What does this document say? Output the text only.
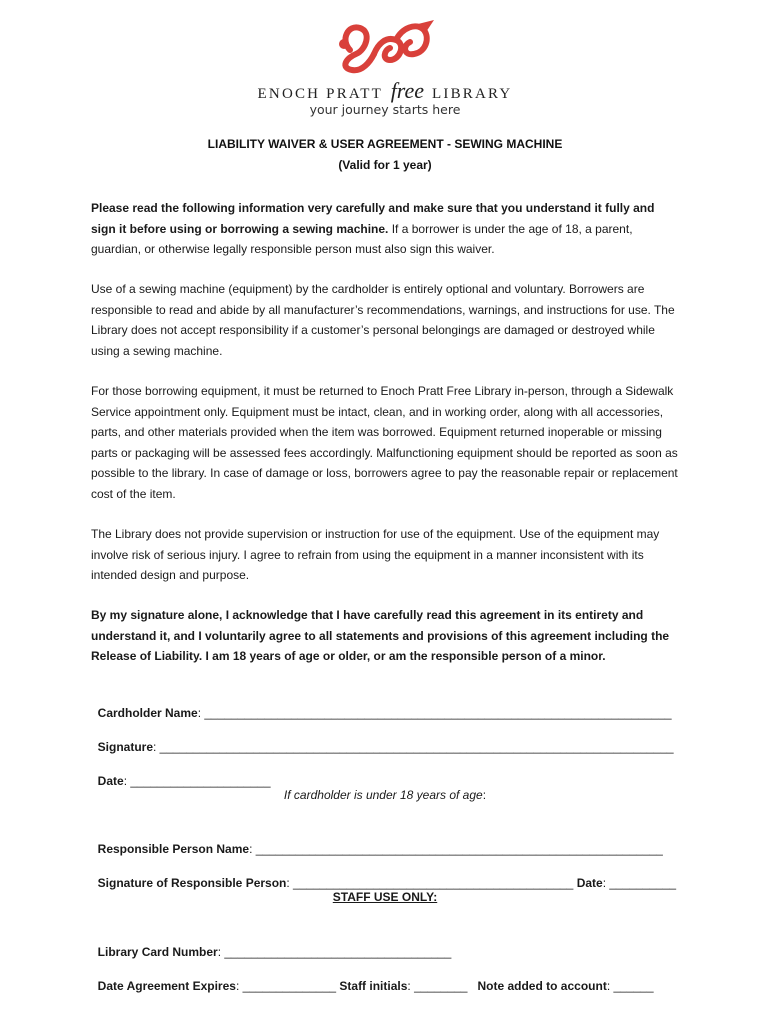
ENOCH PRATT free LIBRARY
your journey starts here
LIABILITY WAIVER & USER AGREEMENT - SEWING MACHINE
(Valid for 1 year)
Please read the following information very carefully and make sure that you understand it fully and sign it before using or borrowing a sewing machine. If a borrower is under the age of 18, a parent, guardian, or otherwise legally responsible person must also sign this waiver.
Use of a sewing machine (equipment) by the cardholder is entirely optional and voluntary. Borrowers are responsible to read and abide by all manufacturer’s recommendations, warnings, and instructions for use. The Library does not accept responsibility if a customer’s personal belongings are damaged or destroyed while using a sewing machine.
For those borrowing equipment, it must be returned to Enoch Pratt Free Library in-person, through a Sidewalk Service appointment only. Equipment must be intact, clean, and in working order, along with all accessories, parts, and other materials provided when the item was borrowed. Equipment returned inoperable or missing parts or packaging will be assessed fees accordingly. Malfunctioning equipment should be reported as soon as possible to the library. In case of damage or loss, borrowers agree to pay the reasonable repair or replacement cost of the item.
The Library does not provide supervision or instruction for use of the equipment. Use of the equipment may involve risk of serious injury. I agree to refrain from using the equipment in a manner inconsistent with its intended design and purpose.
By my signature alone, I acknowledge that I have carefully read this agreement in its entirety and understand it, and I voluntarily agree to all statements and provisions of this agreement including the Release of Liability. I am 18 years of age or older, or am the responsible person of a minor.

Cardholder Name: ______________________________________________________________________

Signature: _____________________________________________________________________________

Date: _____________________

If cardholder is under 18 years of age:

Responsible Person Name: _____________________________________________________________

Signature of Responsible Person: __________________________________________ Date: __________

STAFF USE ONLY:

Library Card Number: __________________________________

Date Agreement Expires: ______________ Staff initials: ________   Note added to account: ______
